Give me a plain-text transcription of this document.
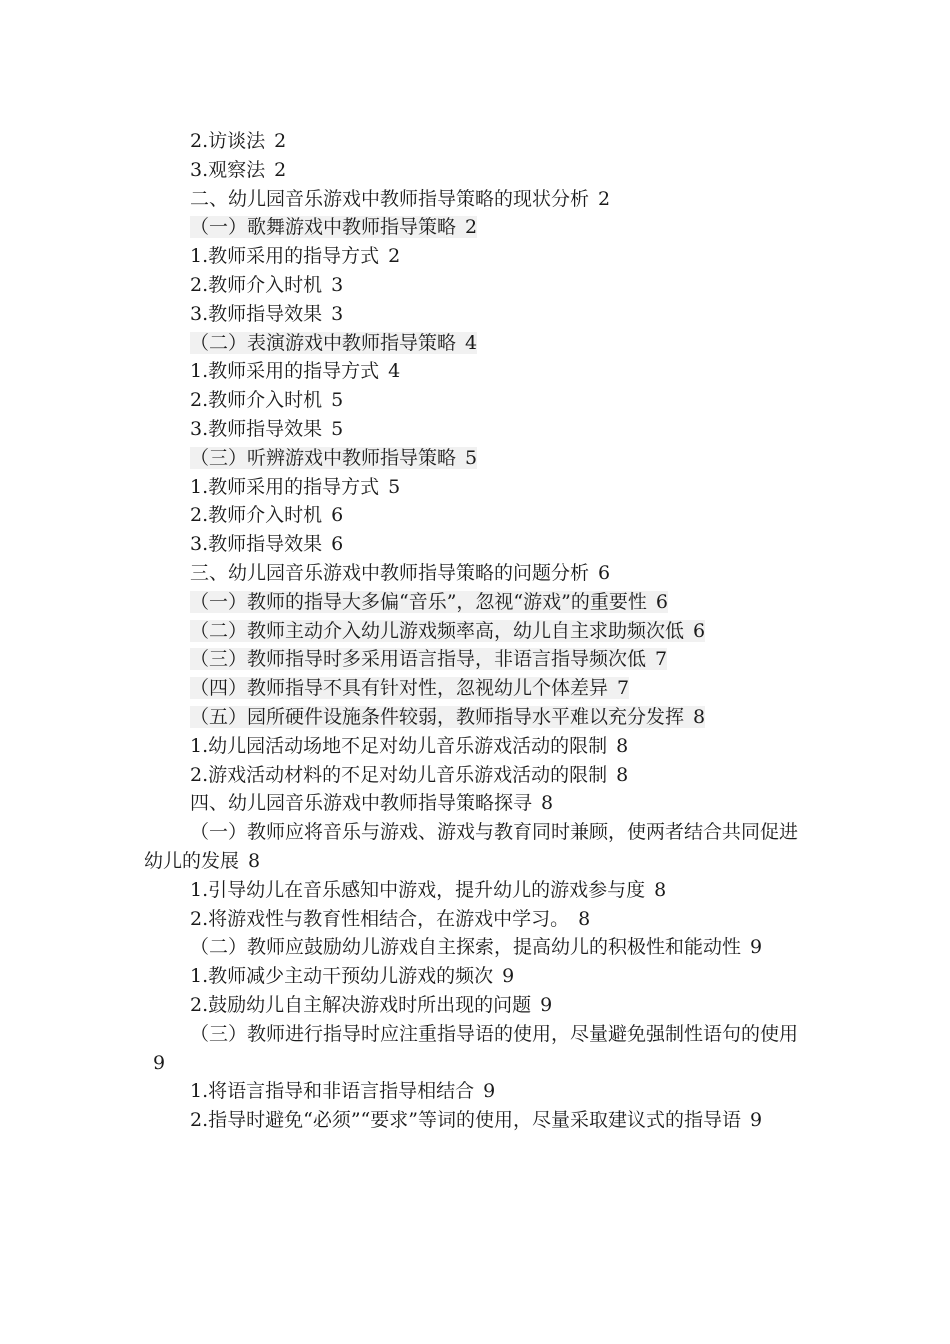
2.访谈法 2

3.观察法 2

二、幼儿园音乐游戏中教师指导策略的现状分析 2

（一）歌舞游戏中教师指导策略 2

1.教师采用的指导方式 2

2.教师介入时机 3

3.教师指导效果 3

（二）表演游戏中教师指导策略 4

1.教师采用的指导方式 4

2.教师介入时机 5

3.教师指导效果 5

（三）听辨游戏中教师指导策略 5

1.教师采用的指导方式 5

2.教师介入时机 6

3.教师指导效果 6

三、幼儿园音乐游戏中教师指导策略的问题分析 6

（一）教师的指导大多偏“音乐”，忽视“游戏”的重要性 6

（二）教师主动介入幼儿游戏频率高，幼儿自主求助频次低 6

（三）教师指导时多采用语言指导，非语言指导频次低 7

（四）教师指导不具有针对性，忽视幼儿个体差异 7

（五）园所硬件设施条件较弱，教师指导水平难以充分发挥 8

1.幼儿园活动场地不足对幼儿音乐游戏活动的限制 8

2.游戏活动材料的不足对幼儿音乐游戏活动的限制 8

四、幼儿园音乐游戏中教师指导策略探寻 8

（一）教师应将音乐与游戏、游戏与教育同时兼顾，使两者结合共同促进幼儿的发展 8

1.引导幼儿在音乐感知中游戏，提升幼儿的游戏参与度 8

2.将游戏性与教育性相结合，在游戏中学习。 8

（二）教师应鼓励幼儿游戏自主探索，提高幼儿的积极性和能动性 9

1.教师减少主动干预幼儿游戏的频次 9

2.鼓励幼儿自主解决游戏时所出现的问题 9

（三）教师进行指导时应注重指导语的使用，尽量避免强制性语句的使用9

1.将语言指导和非语言指导相结合 9

2.指导时避免“必须”“要求”等词的使用，尽量采取建议式的指导语 9
